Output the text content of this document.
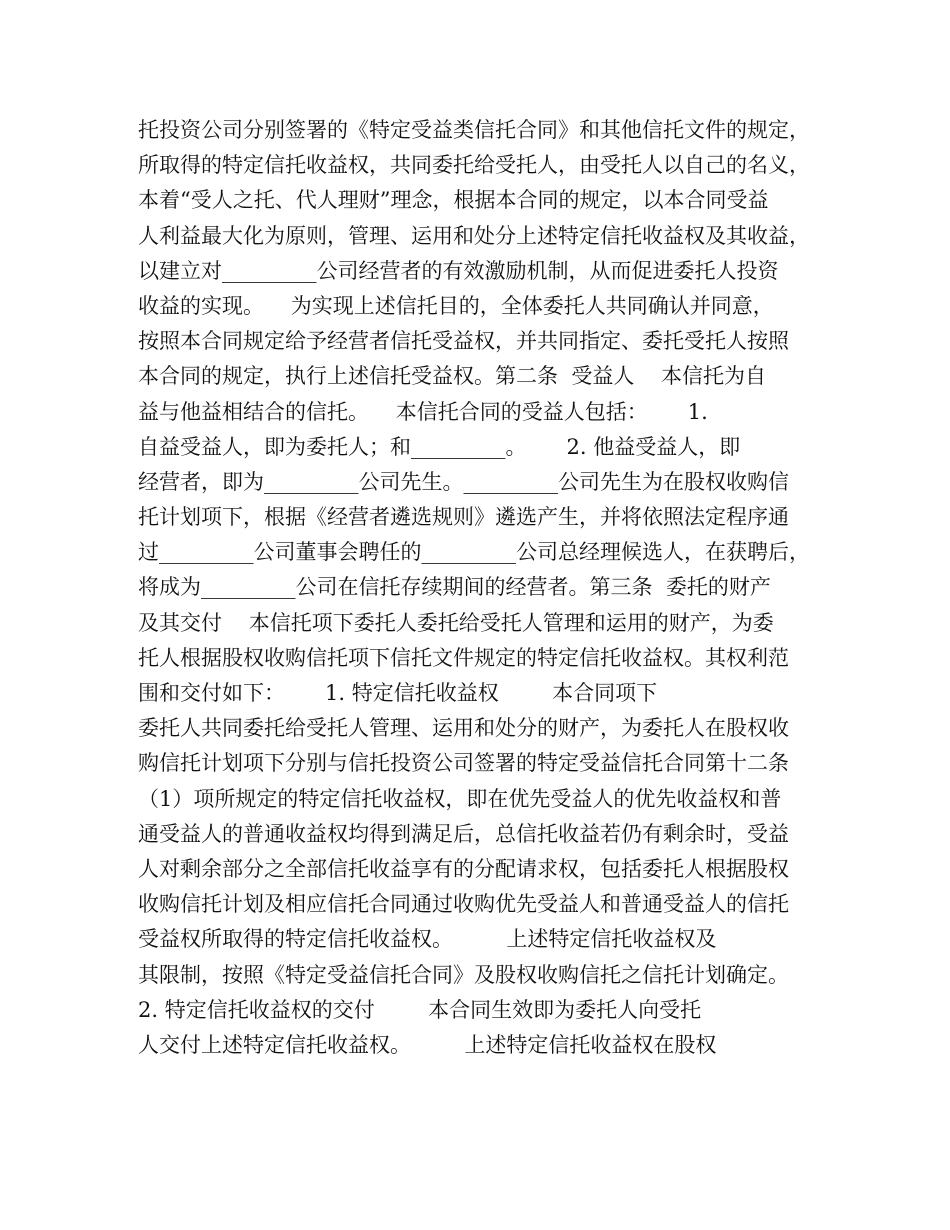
托投资公司分别签署的《特定受益类信托合同》和其他信托文件的规定，
所取得的特定信托收益权，共同委托给受托人，由受托人以自己的名义，
本着“受人之托、代人理财”理念，根据本合同的规定，以本合同受益
人利益最大化为原则，管理、运用和处分上述特定信托收益权及其收益，
以建立对_________公司经营者的有效激励机制，从而促进委托人投资
收益的实现。    为实现上述信托目的，全体委托人共同确认并同意，
按照本合同规定给予经营者信托受益权，并共同指定、委托受托人按照
本合同的规定，执行上述信托受益权。第二条  受益人    本信托为自
益与他益相结合的信托。    本信托合同的受益人包括：      1.
自益受益人，即为委托人；和_________。      2. 他益受益人，即
经营者，即为_________公司先生。_________公司先生为在股权收购信
托计划项下，根据《经营者遴选规则》遴选产生，并将依照法定程序通
过_________公司董事会聘任的_________公司总经理候选人，在获聘后，
将成为_________公司在信托存续期间的经营者。第三条  委托的财产
及其交付    本信托项下委托人委托给受托人管理和运用的财产，为委
托人根据股权收购信托项下信托文件规定的特定信托收益权。其权利范
围和交付如下：      1. 特定信托收益权        本合同项下
委托人共同委托给受托人管理、运用和处分的财产，为委托人在股权收
购信托计划项下分别与信托投资公司签署的特定受益信托合同第十二条
（1）项所规定的特定信托收益权，即在优先受益人的优先收益权和普
通受益人的普通收益权均得到满足后，总信托收益若仍有剩余时，受益
人对剩余部分之全部信托收益享有的分配请求权，包括委托人根据股权
收购信托计划及相应信托合同通过收购优先受益人和普通受益人的信托
受益权所取得的特定信托收益权。        上述特定信托收益权及
其限制，按照《特定受益信托合同》及股权收购信托之信托计划确定。
2. 特定信托收益权的交付        本合同生效即为委托人向受托
人交付上述特定信托收益权。        上述特定信托收益权在股权
